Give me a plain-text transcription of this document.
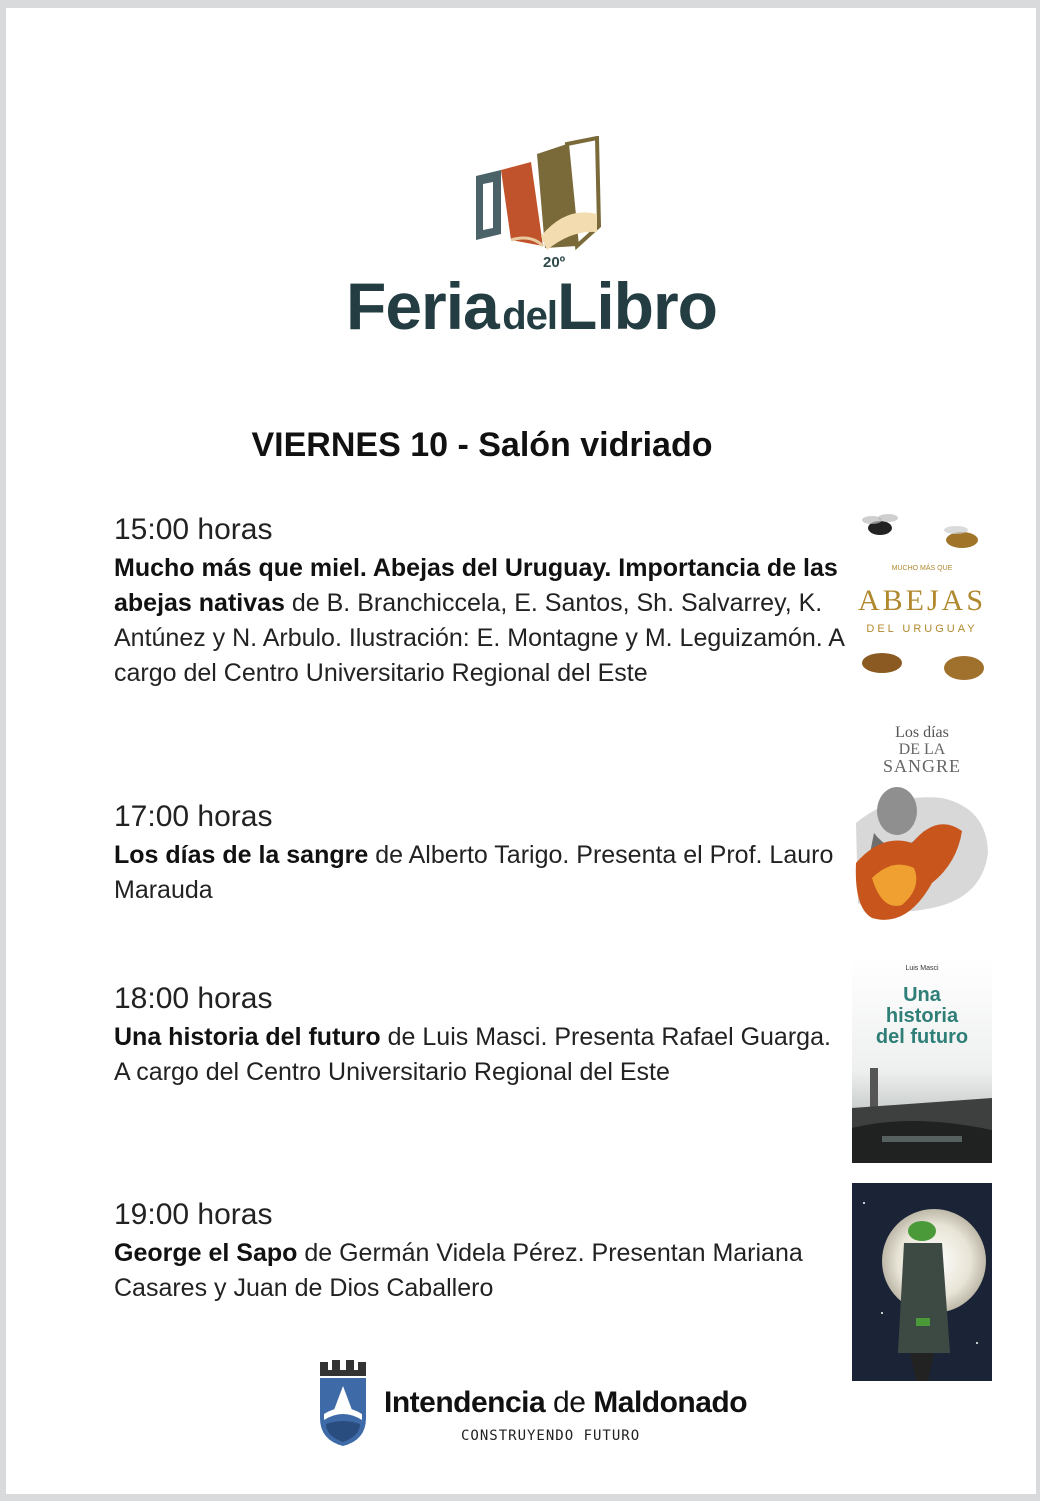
20º
Feria delLibro
VIERNES 10 - Salón vidriado
15:00 horas
Mucho más que miel. Abejas del Uruguay. Importancia de las abejas nativas de B. Branchiccela, E. Santos, Sh. Salvarrey, K. Antúnez y N. Arbulo. Ilustración: E. Montagne y M. Leguizamón. A cargo del Centro Universitario Regional del Este
17:00 horas
Los días de la sangre de Alberto Tarigo. Presenta el Prof. Lauro Marauda
18:00 horas
Una historia del futuro de Luis Masci. Presenta Rafael Guarga. A cargo del Centro Universitario Regional del Este
19:00 horas
George el Sapo de Germán Videla Pérez. Presentan Mariana Casares y Juan de Dios Caballero
MUCHO MÁS QUE
ABEJAS
DEL URUGUAY
Los días
DE LA
SANGRE
Luis Masci
Una
historia
del futuro
Intendencia de Maldonado
CONSTRUYENDO FUTURO
